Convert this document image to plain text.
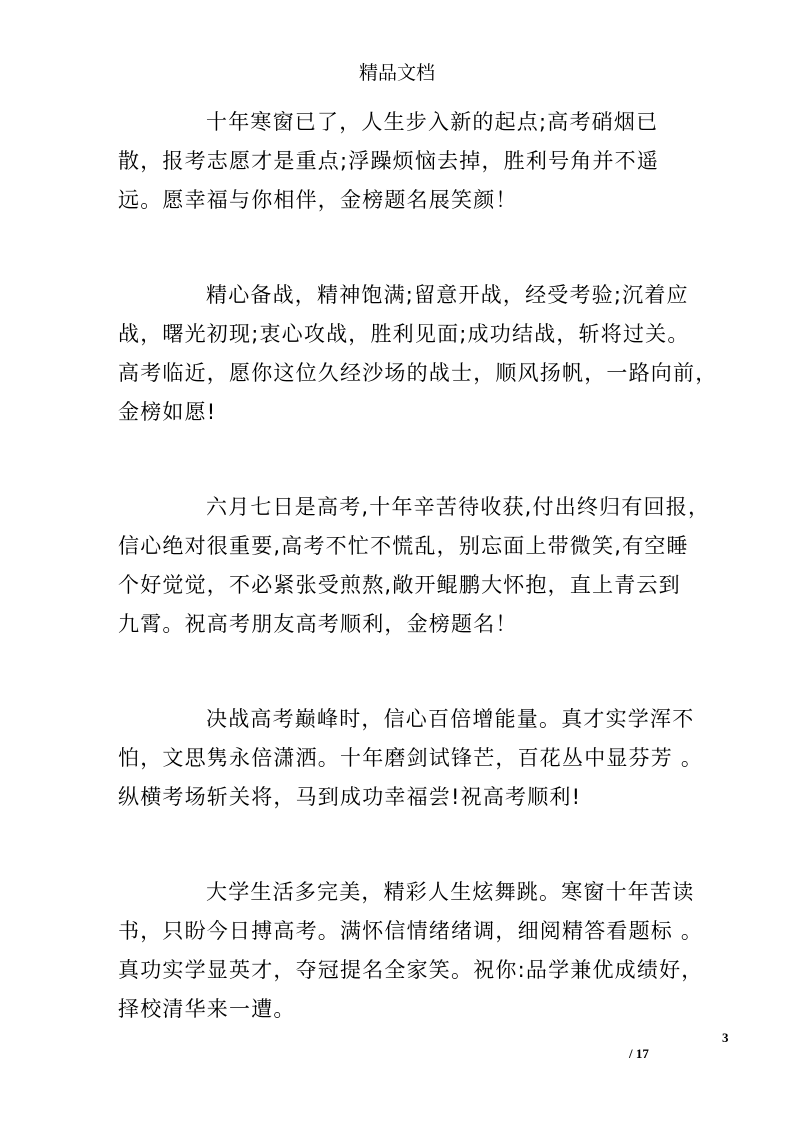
精品文档
十年寒窗已了，人生步入新的起点;高考硝烟已
散，报考志愿才是重点;浮躁烦恼去掉，胜利号角并不遥
远。愿幸福与你相伴，金榜题名展笑颜！
精心备战，精神饱满;留意开战，经受考验;沉着应
战，曙光初现;衷心攻战，胜利见面;成功结战，斩将过关。
高考临近，愿你这位久经沙场的战士，顺风扬帆，一路向前，
金榜如愿!
六月七日是高考,十年辛苦待收获,付出终归有回报，
信心绝对很重要,高考不忙不慌乱，别忘面上带微笑,有空睡
个好觉觉，不必紧张受煎熬,敞开鲲鹏大怀抱，直上青云到
九霄。祝高考朋友高考顺利，金榜题名！
决战高考巅峰时，信心百倍增能量。真才实学浑不
怕，文思隽永倍潇洒。十年磨剑试锋芒，百花丛中显芬芳 。
纵横考场斩关将，马到成功幸福尝!祝高考顺利!
大学生活多完美，精彩人生炫舞跳。寒窗十年苦读
书，只盼今日搏高考。满怀信情绪绪调，细阅精答看题标 。
真功实学显英才，夺冠提名全家笑。祝你:品学兼优成绩好，
择校清华来一遭。
3
/ 17
